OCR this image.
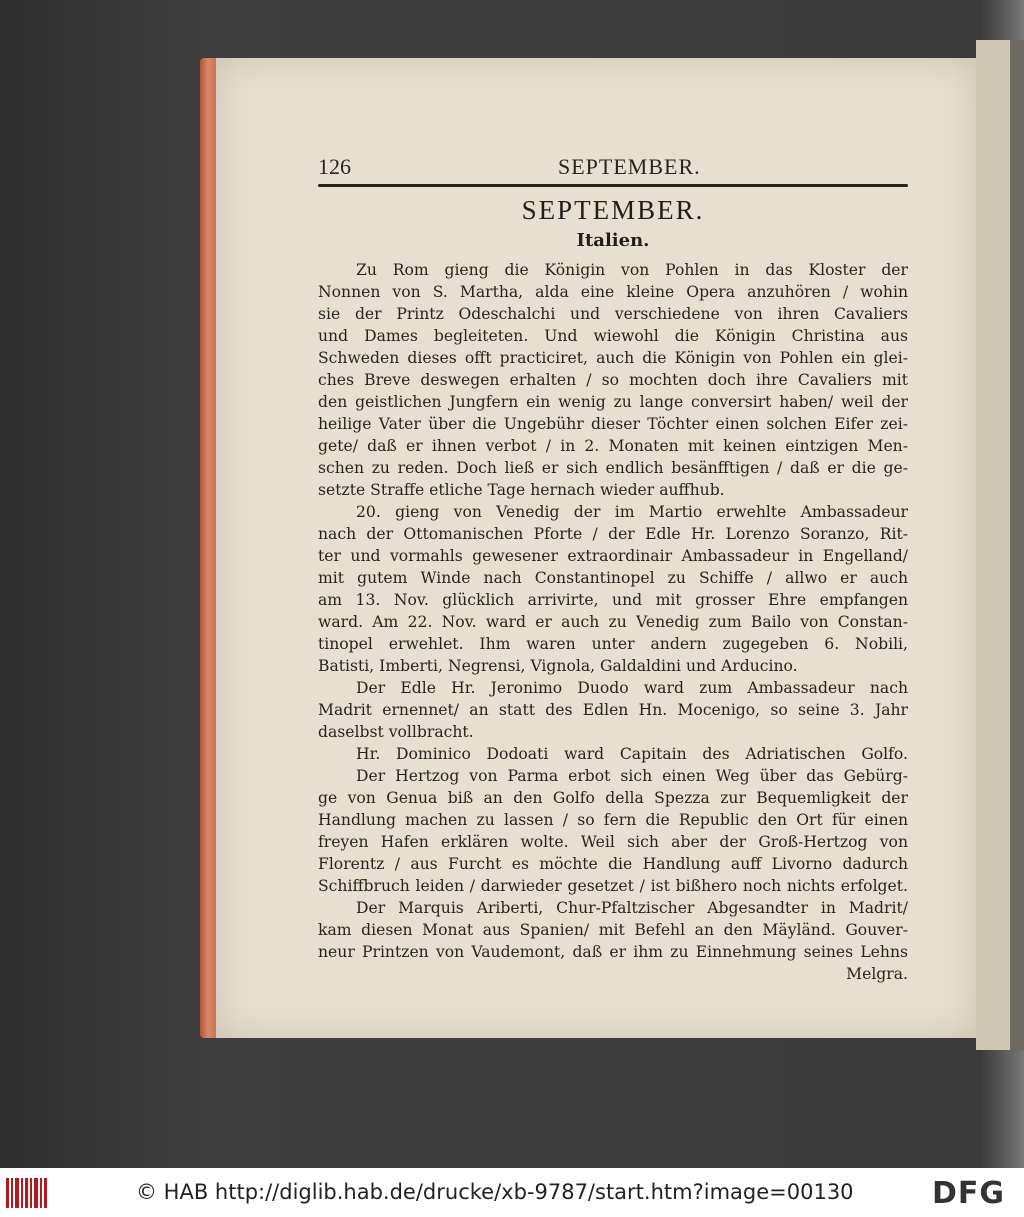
126	SEPTEMBER.
SEPTEMBER.
Italien.
Zu Rom gieng die Königin von Pohlen in das Kloster der
Nonnen von S. Martha, alda eine kleine Opera anzuhören / wohin
sie der Printz Odeschalchi und verschiedene von ihren Cavaliers
und Dames begleiteten. Und wiewohl die Königin Christina aus
Schweden dieses offt practiciret, auch die Königin von Pohlen ein glei-
ches Breve deswegen erhalten / so mochten doch ihre Cavaliers mit
den geistlichen Jungfern ein wenig zu lange conversirt haben/ weil der
heilige Vater über die Ungebühr dieser Töchter einen solchen Eifer zei-
gete/ daß er ihnen verbot / in 2. Monaten mit keinen eintzigen Men-
schen zu reden. Doch ließ er sich endlich besänfftigen / daß er die ge-
setzte Straffe etliche Tage hernach wieder auffhub.
20. gieng von Venedig der im Martio erwehlte Ambassadeur
nach der Ottomanischen Pforte / der Edle Hr. Lorenzo Soranzo, Rit-
ter und vormahls gewesener extraordinair Ambassadeur in Engelland/
mit gutem Winde nach Constantinopel zu Schiffe / allwo er auch
am 13. Nov. glücklich arrivirte, und mit grosser Ehre empfangen
ward. Am 22. Nov. ward er auch zu Venedig zum Bailo von Constan-
tinopel erwehlet. Ihm waren unter andern zugegeben 6. Nobili,
Batisti, Imberti, Negrensi, Vignola, Galdaldini und Arducino.
Der Edle Hr. Jeronimo Duodo ward zum Ambassadeur nach
Madrit ernennet/ an statt des Edlen Hn. Mocenigo, so seine 3. Jahr
daselbst vollbracht.
Hr. Dominico Dodoati ward Capitain des Adriatischen Golfo.
Der Hertzog von Parma erbot sich einen Weg über das Gebürg-
ge von Genua biß an den Golfo della Spezza zur Bequemligkeit der
Handlung machen zu lassen / so fern die Republic den Ort für einen
freyen Hafen erklären wolte. Weil sich aber der Groß-Hertzog von
Florentz / aus Furcht es möchte die Handlung auff Livorno dadurch
Schiffbruch leiden / darwieder gesetzet / ist bißhero noch nichts erfolget.
Der Marquis Ariberti, Chur-Pfaltzischer Abgesandter in Madrit/
kam diesen Monat aus Spanien/ mit Befehl an den Mäyländ. Gouver-
neur Printzen von Vaudemont, daß er ihm zu Einnehmung seines Lehns
Melgra.
© HAB http://diglib.hab.de/drucke/xb-9787/start.htm?image=00130	DFG
